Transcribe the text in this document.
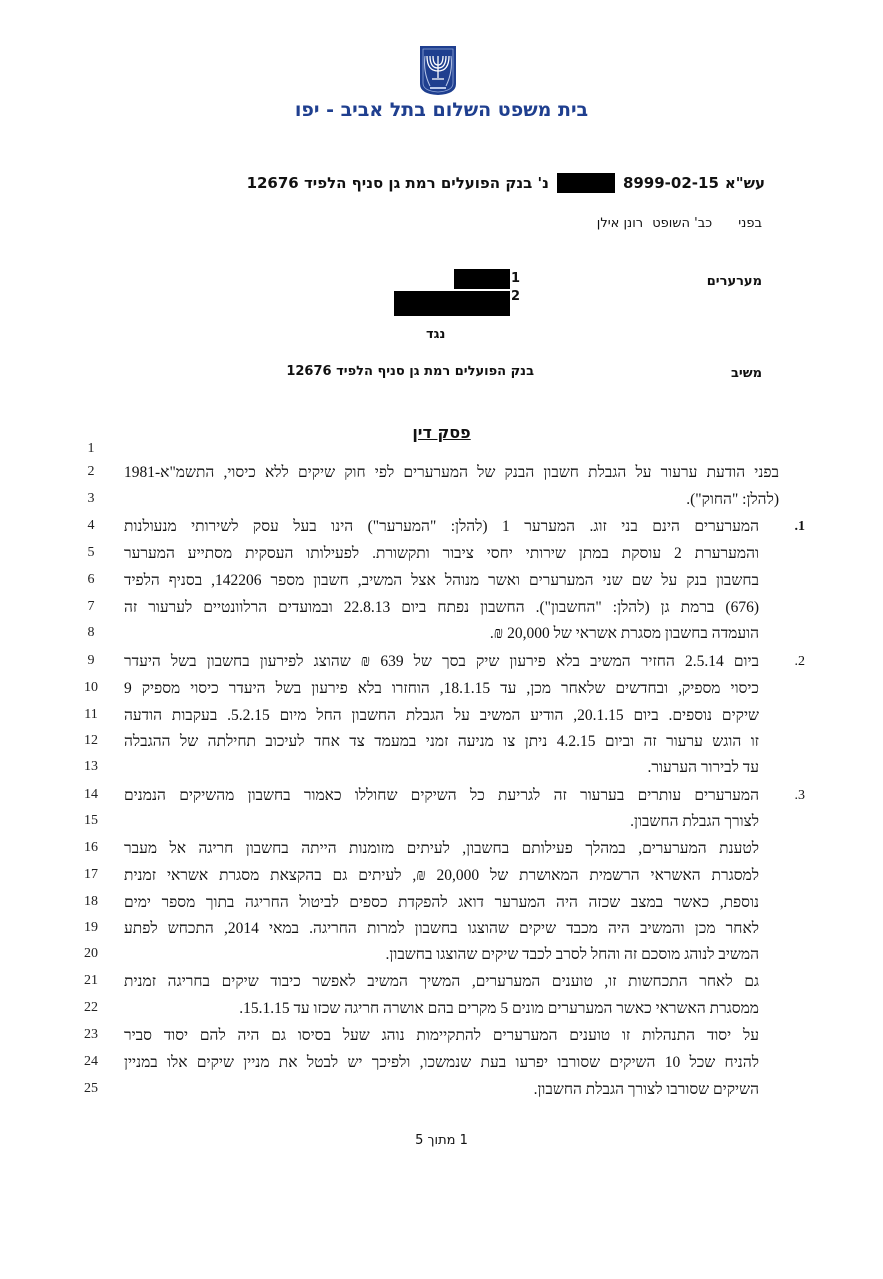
בית משפט השלום בתל אביב - יפו
עש"א
8999-02-15
נ' בנק הפועלים רמת גן סניף הלפיד 12676
בפני כב' השופט רונן אילן
מערערים
1
2
נגד
משיב
בנק הפועלים רמת גן סניף הלפיד 12676
פסק דין
1
2
3
4
5
6
7
8
9
10
11
12
13
14
15
16
17
18
19
20
21
22
23
24
25
בפני הודעת ערעור על הגבלת חשבון הבנק של המערערים לפי חוק שיקים ללא כיסוי, התשמ"א-1981
(להלן: "החוק").
1.
המערערים הינם בני זוג. המערער 1 (להלן: "המערער") הינו בעל עסק לשירותי מנעולנות
והמערערת 2 עוסקת במתן שירותי יחסי ציבור ותקשורת. לפעילותו העסקית מסתייע המערער
בחשבון בנק על שם שני המערערים ואשר מנוהל אצל המשיב, חשבון מספר 142206, בסניף הלפיד
(676) ברמת גן (להלן: "החשבון"). החשבון נפתח ביום 22.8.13 ובמועדים הרלוונטיים לערעור זה
הועמדה בחשבון מסגרת אשראי של 20,000 ₪.
2.
ביום 2.5.14 החזיר המשיב בלא פירעון שיק בסך של 639 ₪ שהוצג לפירעון בחשבון בשל היעדר
כיסוי מספיק, ובחדשים שלאחר מכן, עד 18.1.15, הוחזרו בלא פירעון בשל היעדר כיסוי מספיק 9
שיקים נוספים. ביום 20.1.15, הודיע המשיב על הגבלת החשבון החל מיום 5.2.15. בעקבות הודעה
זו הוגש ערעור זה וביום 4.2.15 ניתן צו מניעה זמני במעמד צד אחד לעיכוב תחילתה של ההגבלה
עד לבירור הערעור.
3.
המערערים עותרים בערעור זה לגריעת כל השיקים שחוללו כאמור בחשבון מהשיקים הנמנים
לצורך הגבלת החשבון.
לטענת המערערים, במהלך פעילותם בחשבון, לעיתים מזומנות הייתה בחשבון חריגה אל מעבר
למסגרת האשראי הרשמית המאושרת של 20,000 ₪, לעיתים גם בהקצאת מסגרת אשראי זמנית
נוספת, כאשר במצב שכזה היה המערער דואג להפקדת כספים לביטול החריגה בתוך מספר ימים
לאחר מכן והמשיב היה מכבד שיקים שהוצגו בחשבון למרות החריגה. במאי 2014, התכחש לפתע
המשיב לנוהג מוסכם זה והחל לסרב לכבד שיקים שהוצגו בחשבון.
גם לאחר התכחשות זו, טוענים המערערים, המשיך המשיב לאפשר כיבוד שיקים בחריגה זמנית
ממסגרת האשראי כאשר המערערים מונים 5 מקרים בהם אושרה חריגה שכזו עד 15.1.15.
על יסוד התנהלות זו טוענים המערערים להתקיימות נוהג שעל בסיסו גם היה להם יסוד סביר
להניח שכל 10 השיקים שסורבו יפרעו בעת שנמשכו, ולפיכך יש לבטל את מניין שיקים אלו במניין
השיקים שסורבו לצורך הגבלת החשבון.
1 מתוך 5
